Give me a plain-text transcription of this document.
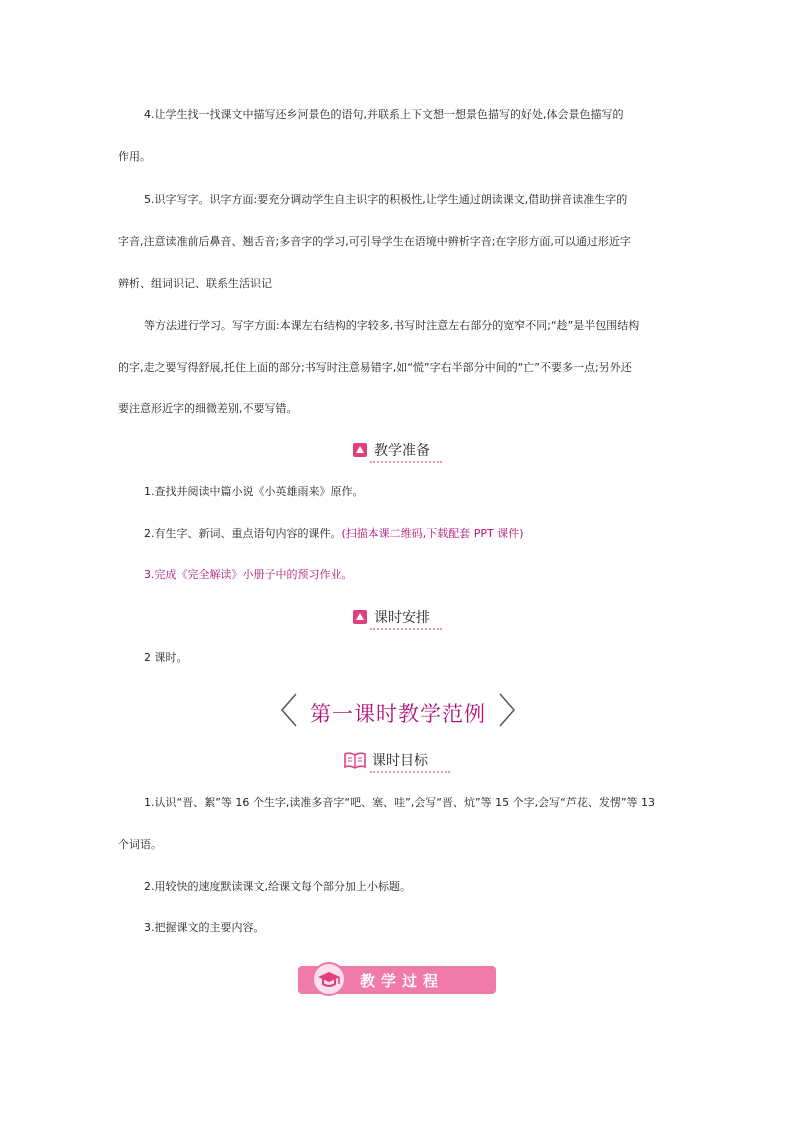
4.让学生找一找课文中描写还乡河景色的语句,并联系上下文想一想景色描写的好处,体会景色描写的

作用。

5.识字写字。识字方面:要充分调动学生自主识字的积极性,让学生通过朗读课文,借助拼音读准生字的

字音,注意读准前后鼻音、翘舌音;多音字的学习,可引导学生在语境中辨析字音;在字形方面,可以通过形近字

辨析、组词识记、联系生活识记

等方法进行学习。写字方面:本课左右结构的字较多,书写时注意左右部分的宽窄不同;“趁”是半包围结构

的字,走之要写得舒展,托住上面的部分;书写时注意易错字,如“慌”字右半部分中间的“亡”不要多一点;另外还

要注意形近字的细微差别,不要写错。

教学准备

1.查找并阅读中篇小说《小英雄雨来》原作。

2.有生字、新词、重点语句内容的课件。(扫描本课二维码,下载配套 PPT 课件)

3.完成《完全解读》小册子中的预习作业。

课时安排

2 课时。

第一课时教学范例
课时目标

1.认识“晋、絮”等 16 个生字,读准多音字“吧、塞、哇”,会写“晋、炕”等 15 个字,会写“芦花、发愣”等 13

个词语。

2.用较快的速度默读课文,给课文每个部分加上小标题。

3.把握课文的主要内容。

教学过程
